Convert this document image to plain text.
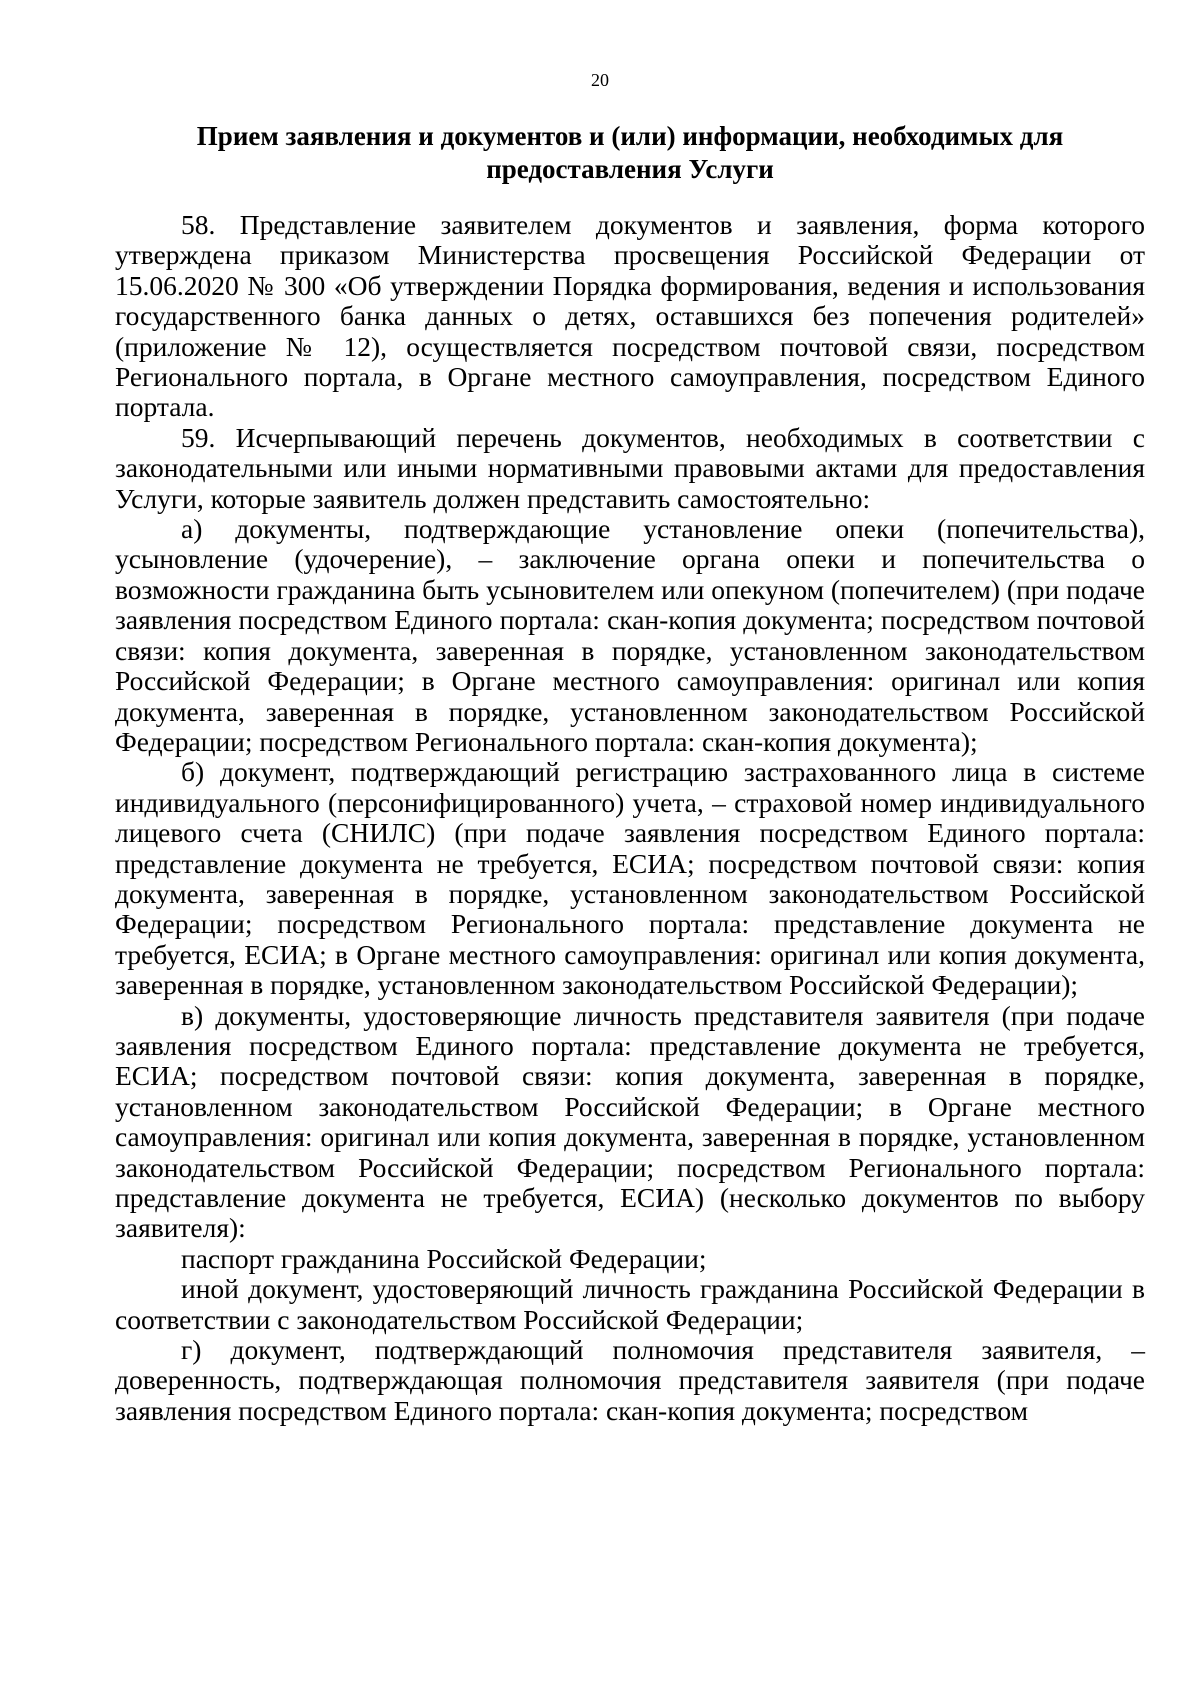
20
Прием заявления и документов и (или) информации, необходимых для предоставления Услуги

58. Представление заявителем документов и заявления, форма которого утверждена приказом Министерства просвещения Российской Федерации от 15.06.2020 № 300 «Об утверждении Порядка формирования, ведения и использования государственного банка данных о детях, оставшихся без попечения родителей» (приложение № 12), осуществляется посредством почтовой связи, посредством Регионального портала, в Органе местного самоуправления, посредством Единого портала.

59. Исчерпывающий перечень документов, необходимых в соответствии с законодательными или иными нормативными правовыми актами для предоставления Услуги, которые заявитель должен представить самостоятельно:

а) документы, подтверждающие установление опеки (попечительства), усыновление (удочерение), – заключение органа опеки и попечительства о возможности гражданина быть усыновителем или опекуном (попечителем) (при подаче заявления посредством Единого портала: скан-копия документа; посредством почтовой связи: копия документа, заверенная в порядке, установленном законодательством Российской Федерации; в Органе местного самоуправления: оригинал или копия документа, заверенная в порядке, установленном законодательством Российской Федерации; посредством Регионального портала: скан-копия документа);

б) документ, подтверждающий регистрацию застрахованного лица в системе индивидуального (персонифицированного) учета, – страховой номер индивидуального лицевого счета (СНИЛС) (при подаче заявления посредством Единого портала: представление документа не требуется, ЕСИА; посредством почтовой связи: копия документа, заверенная в порядке, установленном законодательством Российской Федерации; посредством Регионального портала: представление документа не требуется, ЕСИА; в Органе местного самоуправления: оригинал или копия документа, заверенная в порядке, установленном законодательством Российской Федерации);

в) документы, удостоверяющие личность представителя заявителя (при подаче заявления посредством Единого портала: представление документа не требуется, ЕСИА; посредством почтовой связи: копия документа, заверенная в порядке, установленном законодательством Российской Федерации; в Органе местного самоуправления: оригинал или копия документа, заверенная в порядке, установленном законодательством Российской Федерации; посредством Регионального портала: представление документа не требуется, ЕСИА) (несколько документов по выбору заявителя):

паспорт гражданина Российской Федерации;

иной документ, удостоверяющий личность гражданина Российской Федерации в соответствии с законодательством Российской Федерации;

г) документ, подтверждающий полномочия представителя заявителя, – доверенность, подтверждающая полномочия представителя заявителя (при подаче заявления посредством Единого портала: скан-копия документа; посредством
